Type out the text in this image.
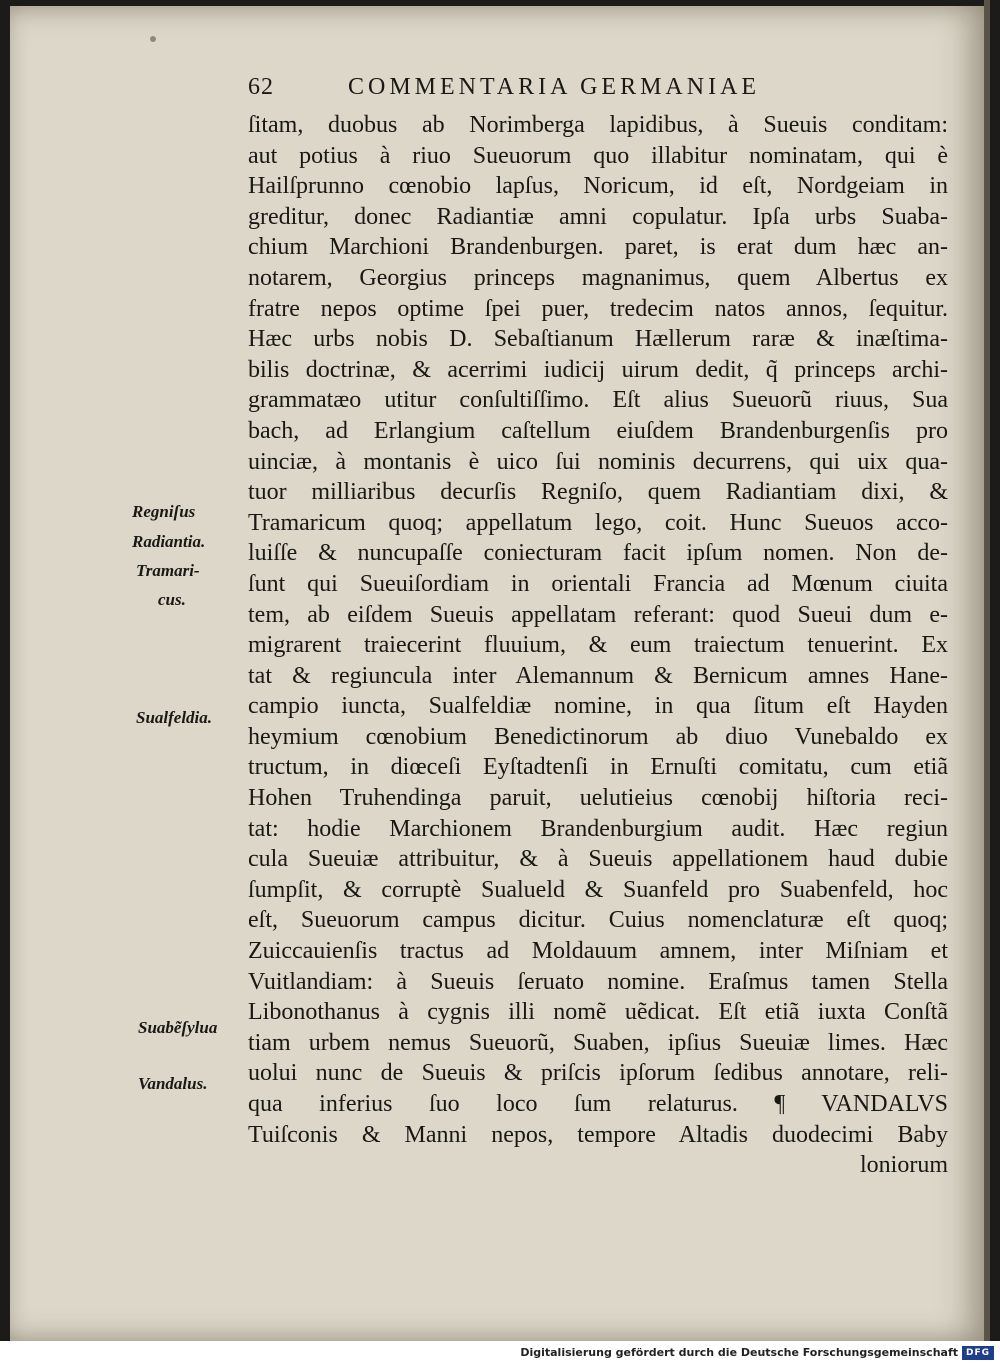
62	COMMENTARIA GERMANIAE
ſitam, duobus ab Norimberga lapidibus, à Sueuis conditam:
aut potius à riuo Sueuorum quo illabitur nominatam, qui è
Hailſprunno cœnobio lapſus, Noricum, id eſt, Nordgeiam in
greditur, donec Radiantiæ amni copulatur. Ipſa urbs Suaba-
chium Marchioni Brandenburgen. paret, is erat dum hæc an-
notarem, Georgius princeps magnanimus, quem Albertus ex
fratre nepos optime ſpei puer, tredecim natos annos, ſequitur.
Hæc urbs nobis D. Sebaſtianum Hællerum raræ & inæſtima-
bilis doctrinæ, & acerrimi iudicij uirum dedit, q̃ princeps archi-
grammatæo utitur conſultiſſimo. Eſt alius Sueuorũ riuus, Sua
bach, ad Erlangium caſtellum eiuſdem Brandenburgenſis pro
uinciæ, à montanis è uico ſui nominis decurrens, qui uix qua-
tuor milliaribus decurſis Regniſo, quem Radiantiam dixi, &
Tramaricum quoq; appellatum lego, coit. Hunc Sueuos acco-
luiſſe & nuncupaſſe coniecturam facit ipſum nomen. Non de-
ſunt qui Sueuiſordiam in orientali Francia ad Mœnum ciuita
tem, ab eiſdem Sueuis appellatam referant: quod Sueui dum e-
migrarent traiecerint fluuium, & eum traiectum tenuerint. Ex
tat & regiuncula inter Alemannum & Bernicum amnes Hane-
campio iuncta, Sualfeldiæ nomine, in qua ſitum eſt Hayden
heymium cœnobium Benedictinorum ab diuo Vunebaldo ex
tructum, in diœceſi Eyſtadtenſi in Ernuſti comitatu, cum etiã
Hohen Truhendinga paruit, uelutieius cœnobij hiſtoria reci-
tat: hodie Marchionem Brandenburgium audit. Hæc regiun
cula Sueuiæ attribuitur, & à Sueuis appellationem haud dubie
ſumpſit, & corruptè Sualueld & Suanfeld pro Suabenfeld, hoc
eſt, Sueuorum campus dicitur. Cuius nomenclaturæ eſt quoq;
Zuiccauienſis tractus ad Moldauum amnem, inter Miſniam et
Vuitlandiam: à Sueuis ſeruato nomine. Eraſmus tamen Stella
Libonothanus à cygnis illi nomẽ uẽdicat. Eſt etiã iuxta Conſtã
tiam urbem nemus Sueuorũ, Suaben, ipſius Sueuiæ limes. Hæc
uolui nunc de Sueuis & priſcis ipſorum ſedibus annotare, reli-
qua inferius ſuo loco ſum relaturus. ¶ VANDALVS
Tuiſconis & Manni nepos, tempore Altadis duodecimi Baby
loniorum
Regniſus
Radiantia.
Tramari-
cus.
Sualfeldia.
Suabẽſylua
Vandalus.
Digitalisierung gefördert durch die Deutsche Forschungsgemeinschaft DFG
